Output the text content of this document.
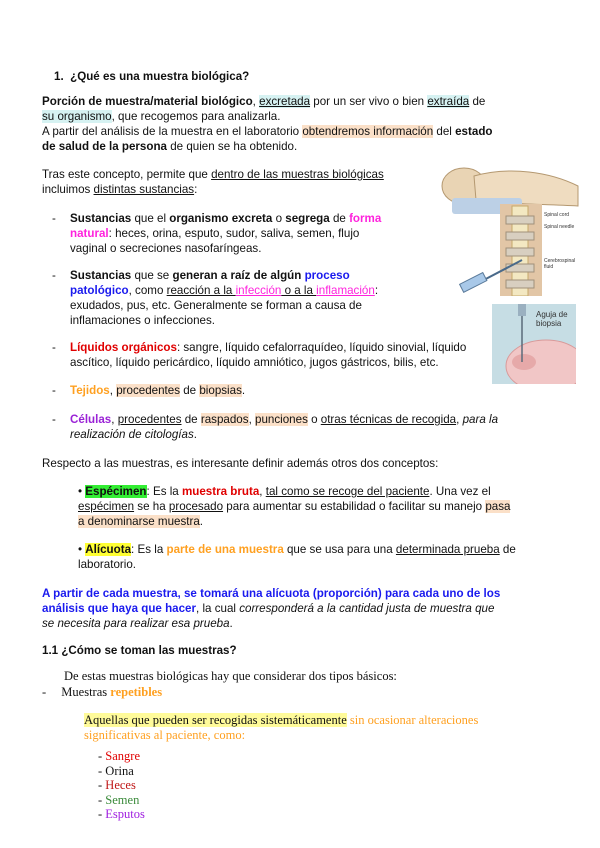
1. ¿Qué es una muestra biológica?
Porción de muestra/material biológico, excretada por un ser vivo o bien extraída de
su organismo, que recogemos para analizarla.
A partir del análisis de la muestra en el laboratorio obtendremos información del estado
de salud de la persona de quien se ha obtenido.
Tras este concepto, permite que dentro de las muestras biológicas
incluimos distintas sustancias:
Spinal cord
Spinal needle
Cerebrospinal fluid
Aguja de
biopsia
- Sustancias que el organismo excreta o segrega de forma
natural: heces, orina, esputo, sudor, saliva, semen, flujo
vaginal o secreciones nasofaríngeas.
- Sustancias que se generan a raíz de algún proceso
patológico, como reacción a la infección o a la inflamación:
exudados, pus, etc. Generalmente se forman a causa de
inflamaciones o infecciones.
- Líquidos orgánicos: sangre, líquido cefalorraquídeo, líquido sinovial, líquido
ascítico, líquido pericárdico, líquido amniótico, jugos gástricos, bilis, etc.
- Tejidos, procedentes de biopsias.
- Células, procedentes de raspados, punciones o otras técnicas de recogida, para la
realización de citologías.
Respecto a las muestras, es interesante definir además otros dos conceptos:
• Espécimen: Es la muestra bruta, tal como se recoge del paciente. Una vez el
espécimen se ha procesado para aumentar su estabilidad o facilitar su manejo pasa
a denominarse muestra.
• Alícuota: Es la parte de una muestra que se usa para una determinada prueba de
laboratorio.
A partir de cada muestra, se tomará una alícuota (proporción) para cada uno de los
análisis que haya que hacer, la cual corresponderá a la cantidad justa de muestra que
se necesita para realizar esa prueba.
1.1 ¿Cómo se toman las muestras?
De estas muestras biológicas hay que considerar dos tipos básicos:
- Muestras repetibles
Aquellas que pueden ser recogidas sistemáticamente sin ocasionar alteraciones
significativas al paciente, como:
- Sangre
- Orina
- Heces
- Semen
- Esputos
